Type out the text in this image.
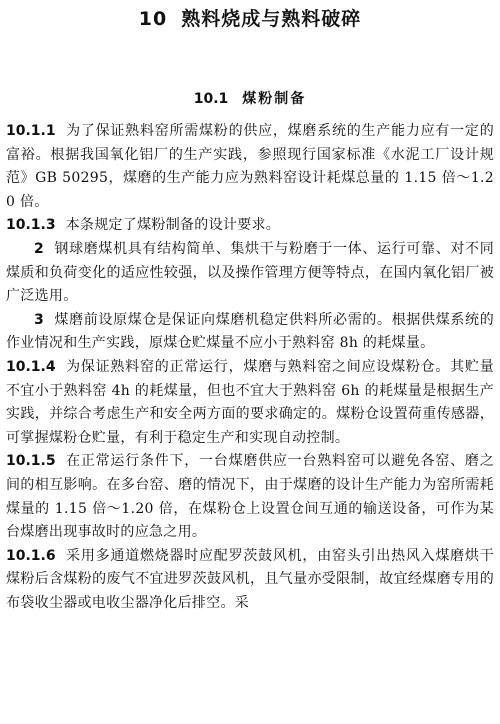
10 熟料烧成与熟料破碎
10.1 煤粉制备

10.1.1 为了保证熟料窑所需煤粉的供应，煤磨系统的生产能力应有一定的富裕。根据我国氧化铝厂的生产实践，参照现行国家标准《水泥工厂设计规范》GB 50295，煤磨的生产能力应为熟料窑设计耗煤总量的 1.15 倍～1.20 倍。

10.1.3 本条规定了煤粉制备的设计要求。

2 钢球磨煤机具有结构简单、集烘干与粉磨于一体、运行可靠、对不同煤质和负荷变化的适应性较强，以及操作管理方便等特点，在国内氧化铝厂被广泛选用。

3 煤磨前设原煤仓是保证向煤磨机稳定供料所必需的。根据供煤系统的作业情况和生产实践，原煤仓贮煤量不应小于熟料窑 8h 的耗煤量。

10.1.4 为保证熟料窑的正常运行，煤磨与熟料窑之间应设煤粉仓。其贮量不宜小于熟料窑 4h 的耗煤量，但也不宜大于熟料窑 6h 的耗煤量是根据生产实践，并综合考虑生产和安全两方面的要求确定的。煤粉仓设置荷重传感器，可掌握煤粉仓贮量，有利于稳定生产和实现自动控制。

10.1.5 在正常运行条件下，一台煤磨供应一台熟料窑可以避免各窑、磨之间的相互影响。在多台窑、磨的情况下，由于煤磨的设计生产能力为窑所需耗煤量的 1.15 倍～1.20 倍，在煤粉仓上设置仓间互通的输送设备，可作为某台煤磨出现事故时的应急之用。

10.1.6 采用多通道燃烧器时应配罗茨鼓风机，由窑头引出热风入煤磨烘干煤粉后含煤粉的废气不宜进罗茨鼓风机，且气量亦受限制，故宜经煤磨专用的布袋收尘器或电收尘器净化后排空。采
